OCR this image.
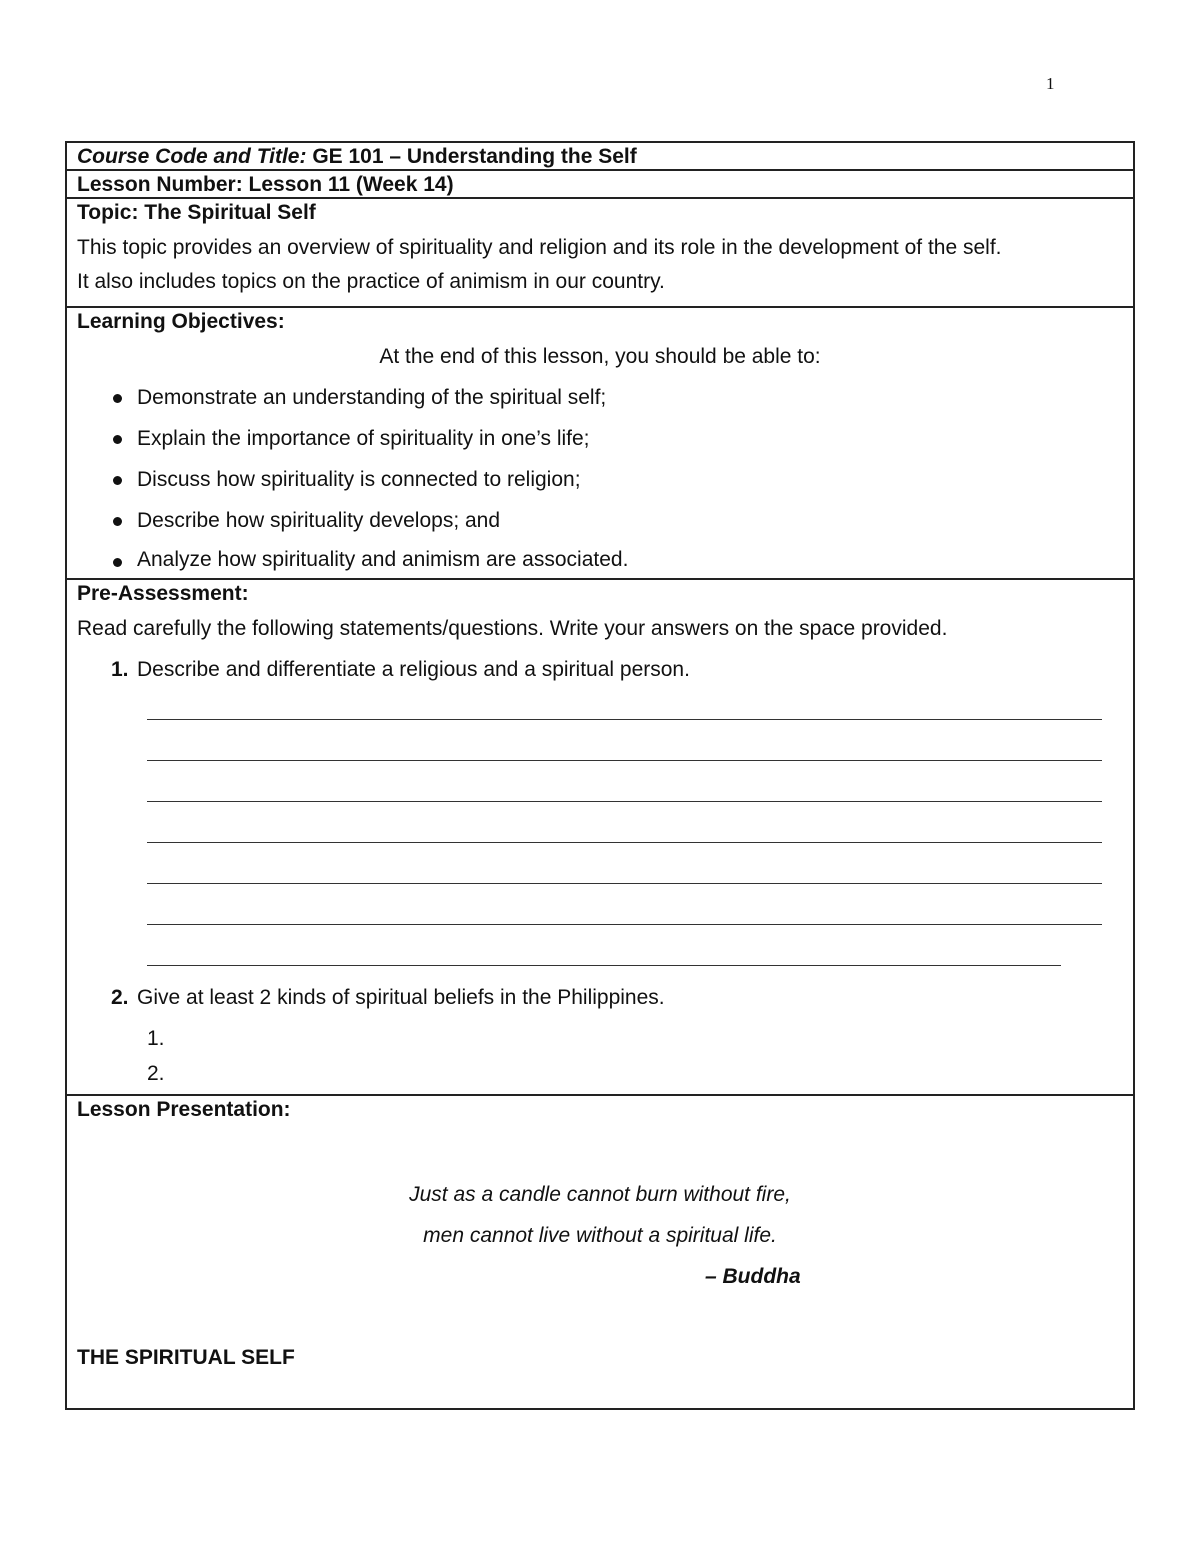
1
Course Code and Title: GE 101 – Understanding the Self
Lesson Number: Lesson 11 (Week 14)
Topic: The Spiritual Self
This topic provides an overview of spirituality and religion and its role in the development of the self.
It also includes topics on the practice of animism in our country.
Learning Objectives:
At the end of this lesson, you should be able to:
Demonstrate an understanding of the spiritual self;
Explain the importance of spirituality in one’s life;
Discuss how spirituality is connected to religion;
Describe how spirituality develops; and
Analyze how spirituality and animism are associated.
Pre-Assessment:
Read carefully the following statements/questions. Write your answers on the space provided.
1. Describe and differentiate a religious and a spiritual person.
2. Give at least 2 kinds of spiritual beliefs in the Philippines.
1.
2.
Lesson Presentation:
Just as a candle cannot burn without fire,
men cannot live without a spiritual life.
– Buddha
THE SPIRITUAL SELF
